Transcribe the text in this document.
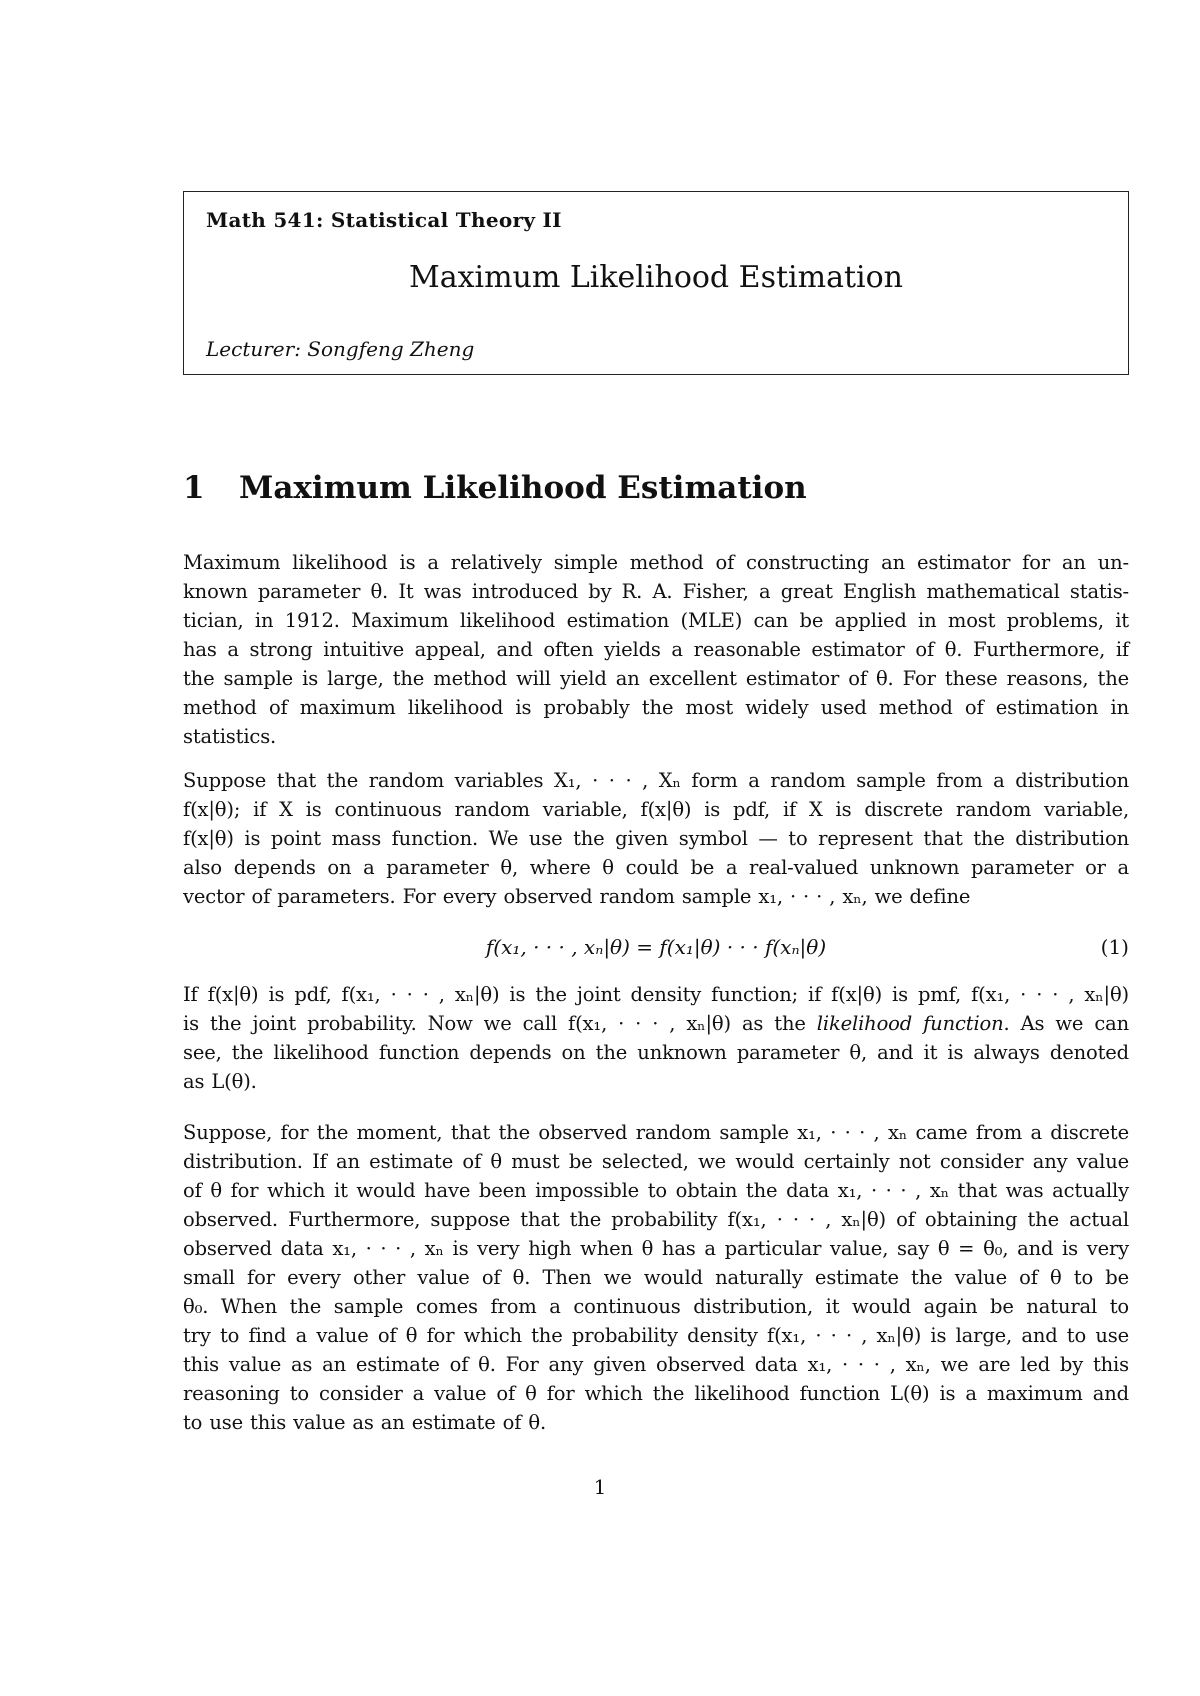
Math 541: Statistical Theory II
Maximum Likelihood Estimation
Lecturer: Songfeng Zheng
1	Maximum Likelihood Estimation
Maximum likelihood is a relatively simple method of constructing an estimator for an un-
known parameter θ. It was introduced by R. A. Fisher, a great English mathematical statis-
tician, in 1912. Maximum likelihood estimation (MLE) can be applied in most problems, it
has a strong intuitive appeal, and often yields a reasonable estimator of θ. Furthermore, if
the sample is large, the method will yield an excellent estimator of θ. For these reasons, the
method of maximum likelihood is probably the most widely used method of estimation in
statistics.
Suppose that the random variables X₁, · · · , Xₙ form a random sample from a distribution
f(x|θ); if X is continuous random variable, f(x|θ) is pdf, if X is discrete random variable,
f(x|θ) is point mass function. We use the given symbol — to represent that the distribution
also depends on a parameter θ, where θ could be a real-valued unknown parameter or a
vector of parameters. For every observed random sample x₁, · · · , xₙ, we define
f(x₁, · · · , xₙ|θ) = f(x₁|θ) · · · f(xₙ|θ)	(1)
If f(x|θ) is pdf, f(x₁, · · · , xₙ|θ) is the joint density function; if f(x|θ) is pmf, f(x₁, · · · , xₙ|θ)
is the joint probability. Now we call f(x₁, · · · , xₙ|θ) as the likelihood function. As we can
see, the likelihood function depends on the unknown parameter θ, and it is always denoted
as L(θ).
Suppose, for the moment, that the observed random sample x₁, · · · , xₙ came from a discrete
distribution. If an estimate of θ must be selected, we would certainly not consider any value
of θ for which it would have been impossible to obtain the data x₁, · · · , xₙ that was actually
observed. Furthermore, suppose that the probability f(x₁, · · · , xₙ|θ) of obtaining the actual
observed data x₁, · · · , xₙ is very high when θ has a particular value, say θ = θ₀, and is very
small for every other value of θ. Then we would naturally estimate the value of θ to be
θ₀. When the sample comes from a continuous distribution, it would again be natural to
try to find a value of θ for which the probability density f(x₁, · · · , xₙ|θ) is large, and to use
this value as an estimate of θ. For any given observed data x₁, · · · , xₙ, we are led by this
reasoning to consider a value of θ for which the likelihood function L(θ) is a maximum and
to use this value as an estimate of θ.
1
